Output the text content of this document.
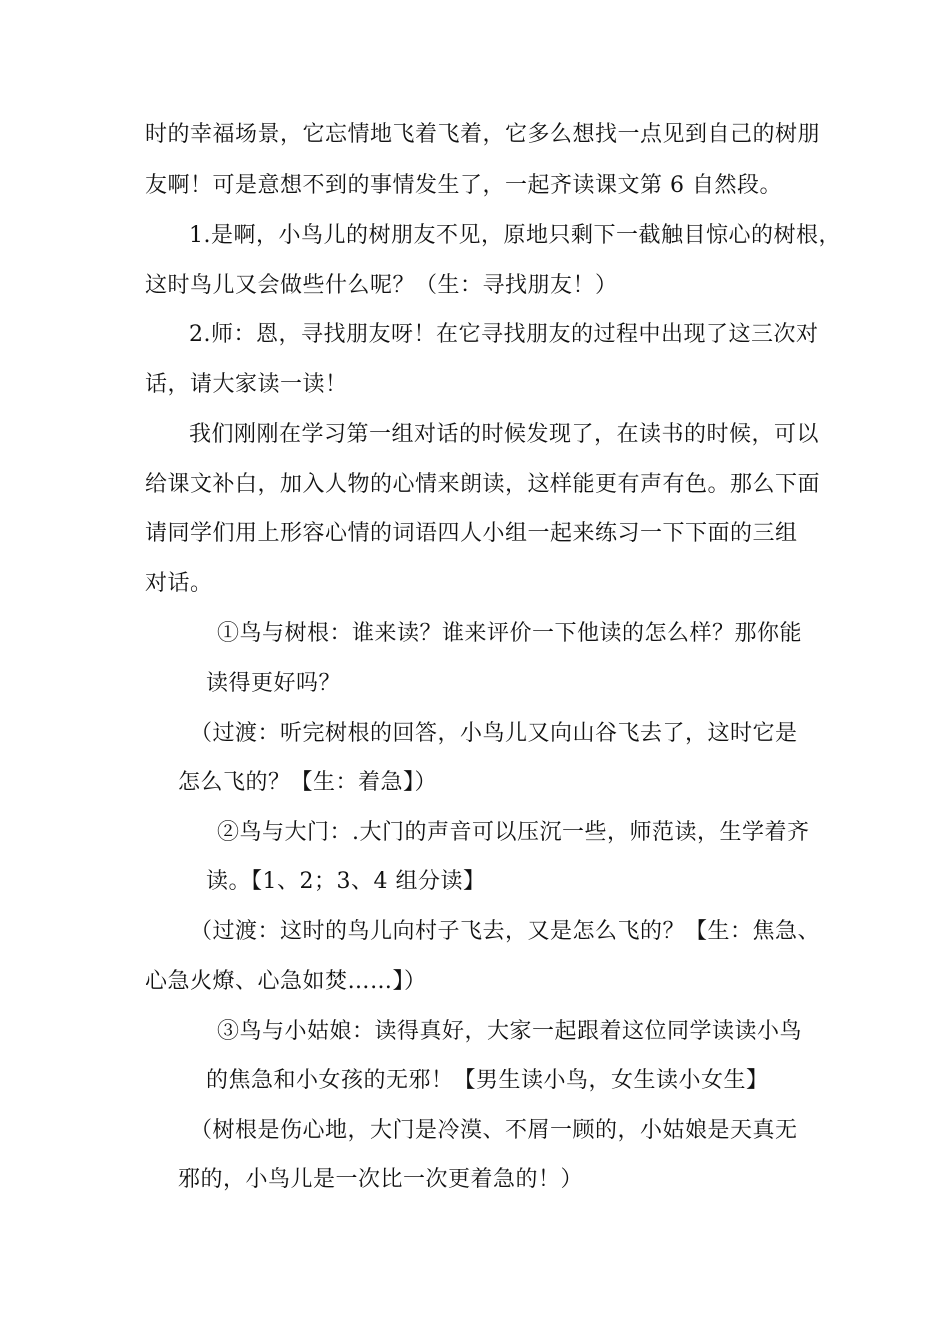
时的幸福场景，它忘情地飞着飞着，它多么想找一点见到自己的树朋
友啊！可是意想不到的事情发生了，一起齐读课文第 6 自然段。
1.是啊，小鸟儿的树朋友不见，原地只剩下一截触目惊心的树根，
这时鸟儿又会做些什么呢？（生：寻找朋友！）
2.师：恩，寻找朋友呀！在它寻找朋友的过程中出现了这三次对
话，请大家读一读！
我们刚刚在学习第一组对话的时候发现了，在读书的时候，可以
给课文补白，加入人物的心情来朗读，这样能更有声有色。那么下面
请同学们用上形容心情的词语四人小组一起来练习一下下面的三组
对话。
①鸟与树根：谁来读？谁来评价一下他读的怎么样？那你能
读得更好吗？
（过渡：听完树根的回答，小鸟儿又向山谷飞去了，这时它是
怎么飞的？【生：着急】）
②鸟与大门：.大门的声音可以压沉一些，师范读，生学着齐
读。【1、2；3、4 组分读】
（过渡：这时的鸟儿向村子飞去，又是怎么飞的？【生：焦急、
心急火燎、心急如焚……】）
③鸟与小姑娘：读得真好，大家一起跟着这位同学读读小鸟
的焦急和小女孩的无邪！【男生读小鸟，女生读小女生】
（树根是伤心地，大门是冷漠、不屑一顾的，小姑娘是天真无
邪的，小鸟儿是一次比一次更着急的！）
